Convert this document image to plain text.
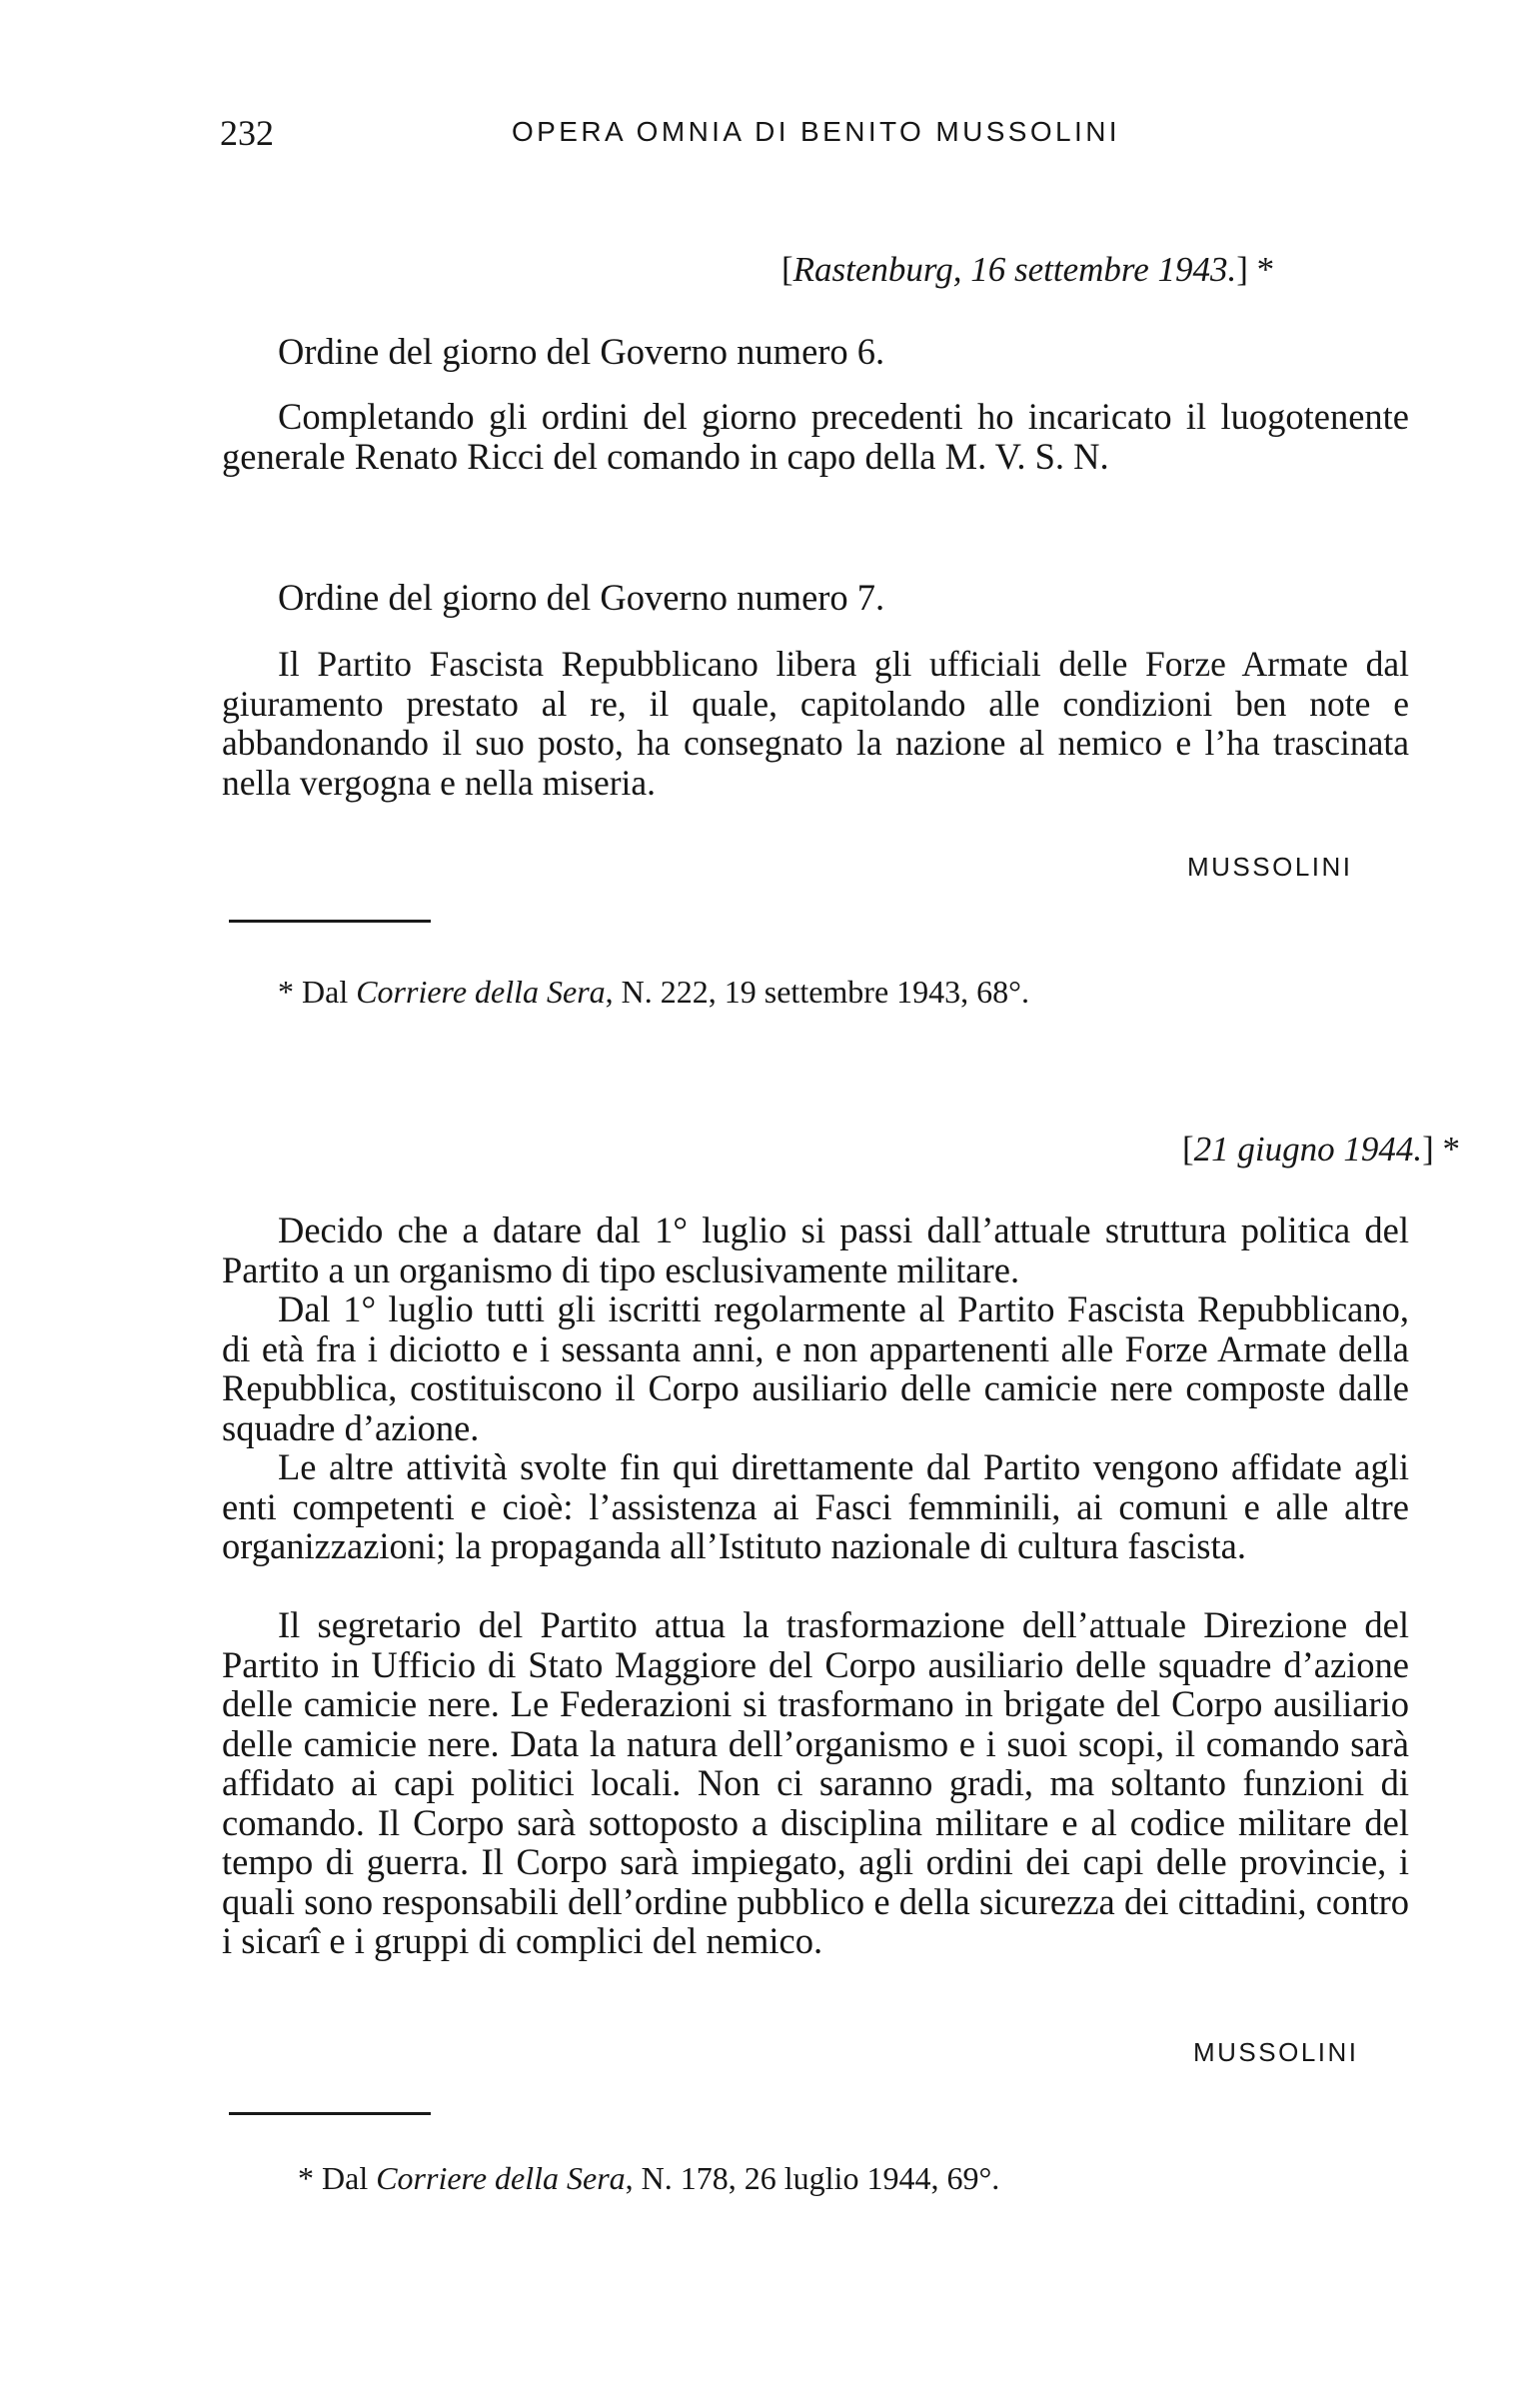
232	OPERA OMNIA DI BENITO MUSSOLINI
[Rastenburg, 16 settembre 1943.] *

Ordine del giorno del Governo numero 6.

Completando gli ordini del giorno precedenti ho incaricato il luogotenente generale Renato Ricci del comando in capo della M. V. S. N.

Ordine del giorno del Governo numero 7.

Il Partito Fascista Repubblicano libera gli ufficiali delle Forze Armate dal giuramento prestato al re, il quale, capitolando alle condizioni ben note e abbandonando il suo posto, ha consegnato la nazione al nemico e l’ha trascinata nella vergogna e nella miseria.

MUSSOLINI
* Dal Corriere della Sera, N. 222, 19 settembre 1943, 68°.
[21 giugno 1944.] *

Decido che a datare dal 1° luglio si passi dall’attuale struttura politica del Partito a un organismo di tipo esclusivamente militare.

Dal 1° luglio tutti gli iscritti regolarmente al Partito Fascista Repubblicano, di età fra i diciotto e i sessanta anni, e non appartenenti alle Forze Armate della Repubblica, costituiscono il Corpo ausiliario delle camicie nere composte dalle squadre d’azione.

Le altre attività svolte fin qui direttamente dal Partito vengono affidate agli enti competenti e cioè: l’assistenza ai Fasci femminili, ai comuni e alle altre organizzazioni; la propaganda all’Istituto nazionale di cultura fascista.

Il segretario del Partito attua la trasformazione dell’attuale Direzione del Partito in Ufficio di Stato Maggiore del Corpo ausiliario delle squadre d’azione delle camicie nere. Le Federazioni si trasformano in brigate del Corpo ausiliario delle camicie nere. Data la natura dell’organismo e i suoi scopi, il comando sarà affidato ai capi politici locali. Non ci saranno gradi, ma soltanto funzioni di comando. Il Corpo sarà sottoposto a disciplina militare e al codice militare del tempo di guerra. Il Corpo sarà impiegato, agli ordini dei capi delle provincie, i quali sono responsabili dell’ordine pubblico e della sicurezza dei cittadini, contro i sicarî e i gruppi di complici del nemico.

MUSSOLINI
* Dal Corriere della Sera, N. 178, 26 luglio 1944, 69°.
